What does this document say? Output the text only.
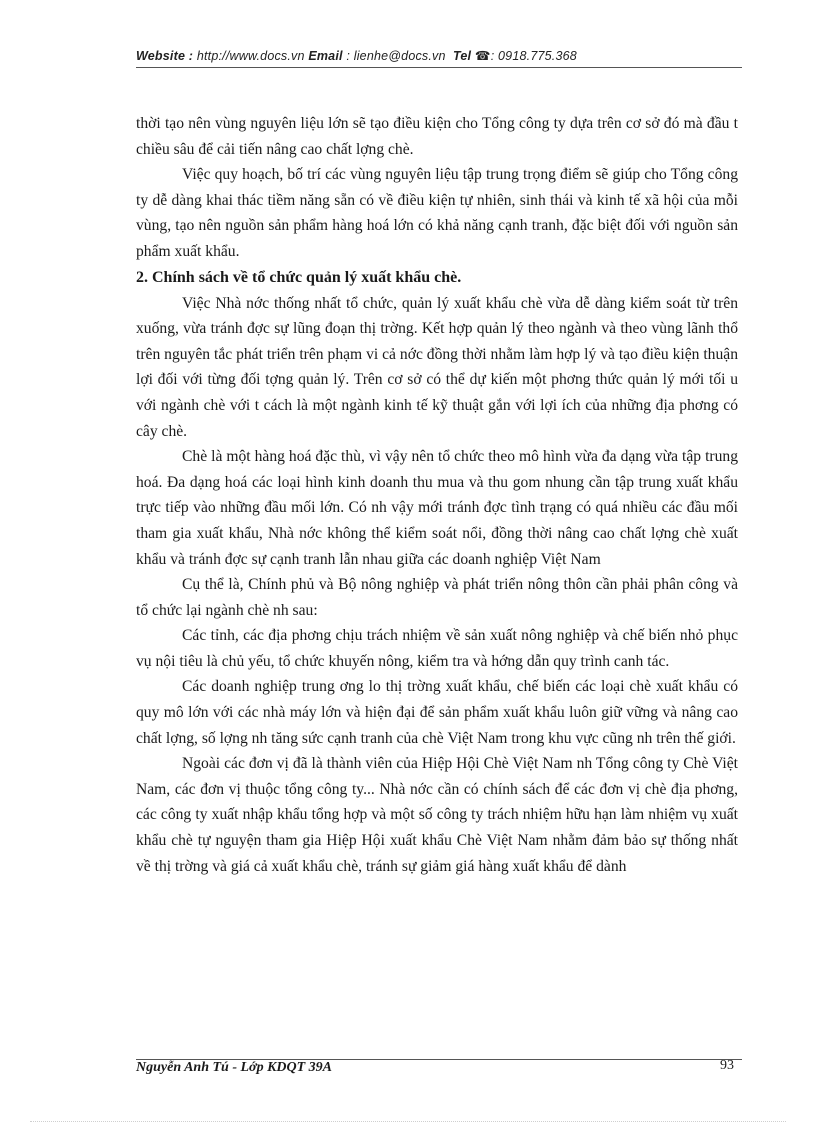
Website : http://www.docs.vn Email : lienhe@docs.vn Tel ☎: 0918.775.368

thời tạo nên vùng nguyên liệu lớn sẽ tạo điều kiện cho Tổng công ty dựa trên cơ sở đó mà đầu t chiều sâu để cải tiến nâng cao chất lợng chè.

Việc quy hoạch, bố trí các vùng nguyên liệu tập trung trọng điểm sẽ giúp cho Tổng công ty dễ dàng khai thác tiềm năng sẵn có về điều kiện tự nhiên, sinh thái và kinh tế xã hội của mỗi vùng, tạo nên nguồn sản phẩm hàng hoá lớn có khả năng cạnh tranh, đặc biệt đối với nguồn sản phẩm xuất khẩu.

2. Chính sách về tổ chức quản lý xuất khẩu chè.

Việc Nhà nớc thống nhất tổ chức, quản lý xuất khẩu chè vừa dễ dàng kiểm soát từ trên xuống, vừa tránh đợc sự lũng đoạn thị trờng. Kết hợp quản lý theo ngành và theo vùng lãnh thổ trên nguyên tắc phát triển trên phạm vi cả nớc đồng thời nhằm làm hợp lý và tạo điều kiện thuận lợi đối với từng đối tợng quản lý. Trên cơ sở có thể dự kiến một phơng thức quản lý mới tối u với ngành chè với t cách là một ngành kinh tế kỹ thuật gắn với lợi ích của những địa phơng có cây chè.

Chè là một hàng hoá đặc thù, vì vậy nên tổ chức theo mô hình vừa đa dạng vừa tập trung hoá. Đa dạng hoá các loại hình kinh doanh thu mua và thu gom nhung cần tập trung xuất khẩu trực tiếp vào những đầu mối lớn. Có nh vậy mới tránh đợc tình trạng có quá nhiều các đầu mối tham gia xuất khẩu, Nhà nớc không thể kiểm soát nổi, đồng thời nâng cao chất lợng chè xuất khẩu và tránh đợc sự cạnh tranh lẫn nhau giữa các doanh nghiệp Việt Nam

Cụ thể là, Chính phủ và Bộ nông nghiệp và phát triển nông thôn cần phải phân công và tổ chức lại ngành chè nh sau:

Các tỉnh, các địa phơng chịu trách nhiệm về sản xuất nông nghiệp và chế biến nhỏ phục vụ nội tiêu là chủ yếu, tổ chức khuyến nông, kiểm tra và hớng dẫn quy trình canh tác.

Các doanh nghiệp trung ơng lo thị trờng xuất khẩu, chế biến các loại chè xuất khẩu có quy mô lớn với các nhà máy lớn và hiện đại để sản phẩm xuất khẩu luôn giữ vững và nâng cao chất lợng, số lợng nh tăng sức cạnh tranh của chè Việt Nam trong khu vực cũng nh trên thế giới.

Ngoài các đơn vị đã là thành viên của Hiệp Hội Chè Việt Nam nh Tổng công ty Chè Việt Nam, các đơn vị thuộc tổng công ty... Nhà nớc cần có chính sách để các đơn vị chè địa phơng, các công ty xuất nhập khẩu tổng hợp và một số công ty trách nhiệm hữu hạn làm nhiệm vụ xuất khẩu chè tự nguyện tham gia Hiệp Hội xuất khẩu Chè Việt Nam nhằm đảm bảo sự thống nhất về thị trờng và giá cả xuất khẩu chè, tránh sự giảm giá hàng xuất khẩu để dành

Nguyễn Anh Tú - Lớp KDQT 39A	93
